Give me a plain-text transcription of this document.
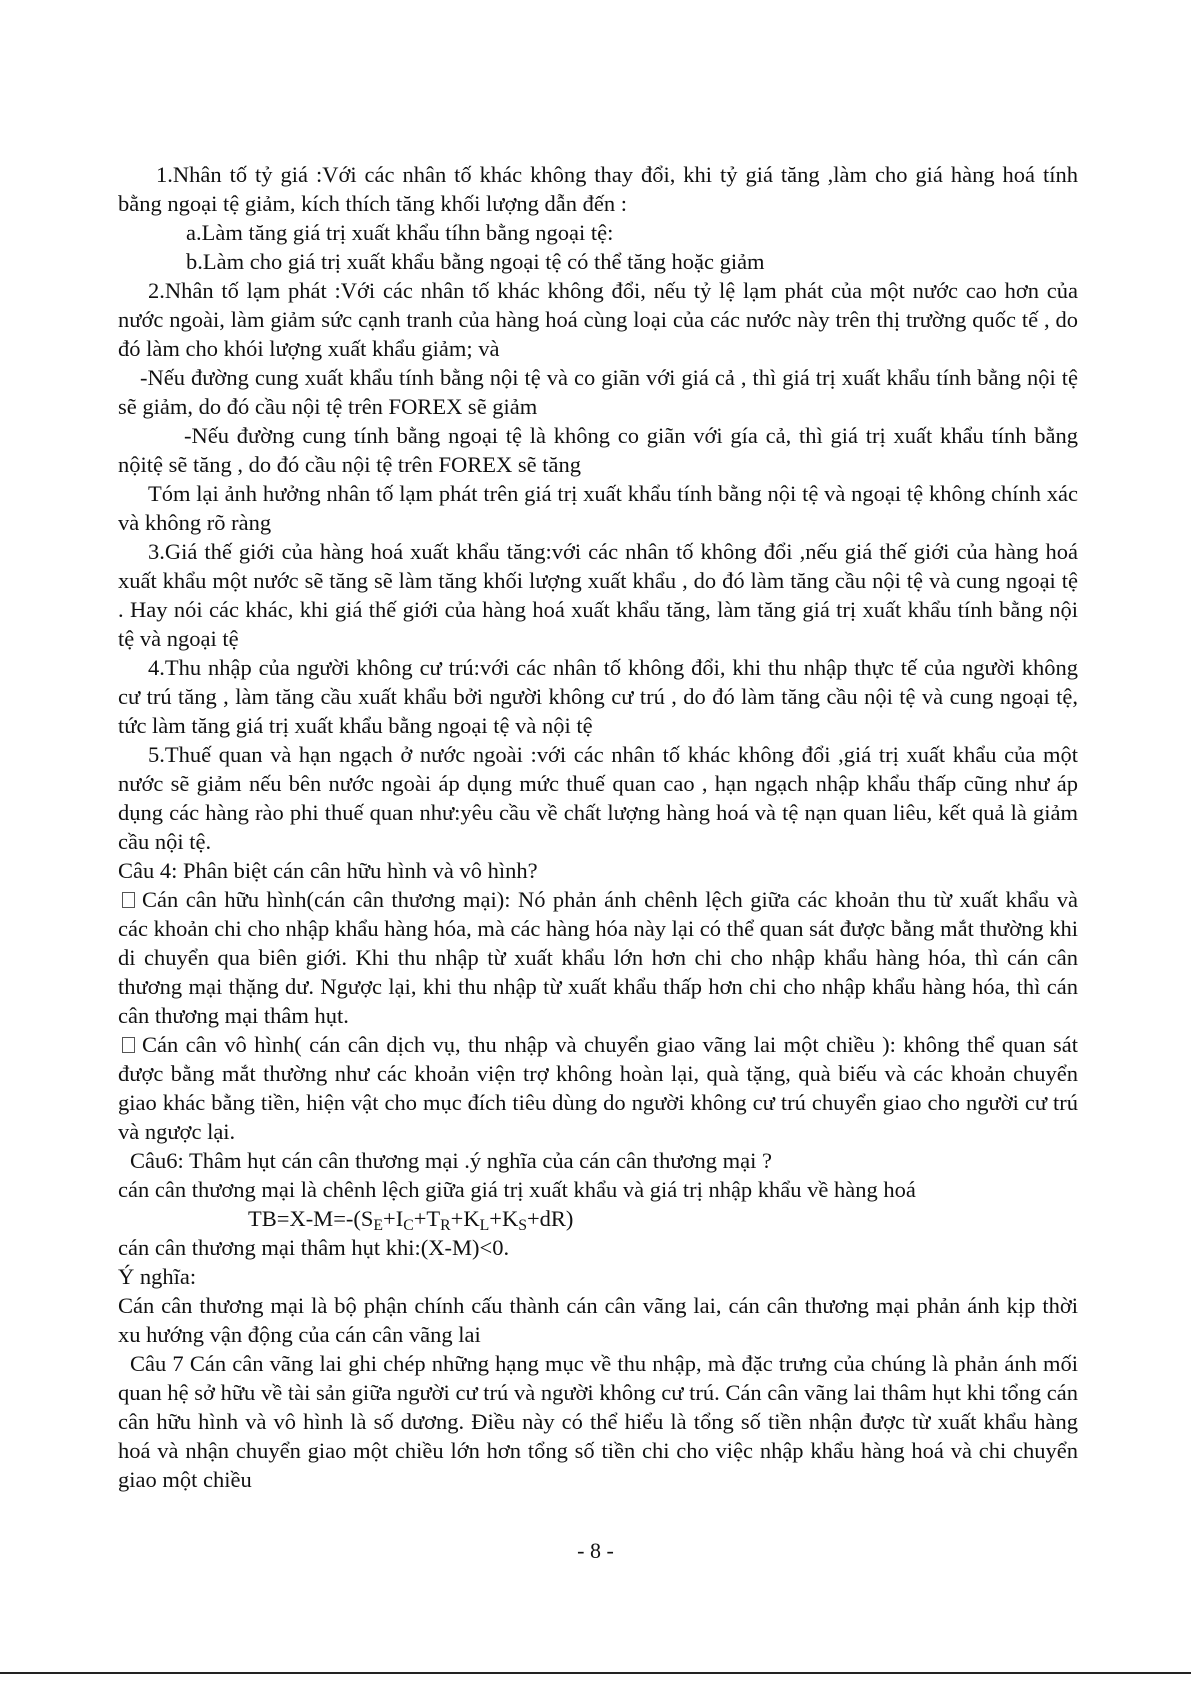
1.Nhân tố tỷ giá :Với các nhân tố khác không thay đổi, khi tỷ giá tăng ,làm cho giá hàng hoá tính bằng ngoại tệ giảm, kích thích tăng khối lượng dẫn đến :

a.Làm tăng giá trị xuất khẩu tíhn bằng ngoại tệ:

b.Làm cho giá trị xuất khẩu bằng ngoại tệ có thể tăng hoặc giảm

2.Nhân tố lạm phát :Với các nhân tố khác không đổi, nếu tỷ lệ lạm phát của một nước cao hơn của nước ngoài, làm giảm sức cạnh tranh của hàng hoá cùng loại của các nước này trên thị trường quốc tế , do đó làm cho khói lượng xuất khẩu giảm; và

-Nếu đường cung xuất khẩu tính bằng nội tệ và co giãn với giá cả , thì giá trị xuất khẩu tính bằng nội tệ sẽ giảm, do đó cầu nội tệ trên FOREX sẽ giảm

-Nếu đường cung tính bằng ngoại tệ là không co giãn với gía cả, thì giá trị xuất khẩu tính bằng nộitệ sẽ tăng , do đó cầu nội tệ trên FOREX sẽ tăng

Tóm lại ảnh hưởng nhân tố lạm phát trên giá trị xuất khẩu tính bằng nội tệ và ngoại tệ không chính xác và không rõ ràng

3.Giá thế giới của hàng hoá xuất khẩu tăng:với các nhân tố không đổi ,nếu giá thế giới của hàng hoá xuất khẩu một nước sẽ tăng sẽ làm tăng khối lượng xuất khẩu , do đó làm tăng cầu nội tệ và cung ngoại tệ . Hay nói các khác, khi giá thế giới của hàng hoá xuất khẩu tăng, làm tăng giá trị xuất khẩu tính bằng nội tệ và ngoại tệ

4.Thu nhập của người không cư trú:với các nhân tố không đổi, khi thu nhập thực tế của người không cư trú tăng , làm tăng cầu xuất khẩu bởi người không cư trú , do đó làm tăng cầu nội tệ và cung ngoại tệ, tức làm tăng giá trị xuất khẩu bằng ngoại tệ và nội tệ

5.Thuế quan và hạn ngạch ở nước ngoài :với các nhân tố khác không đổi ,giá trị xuất khẩu của một nước sẽ giảm nếu bên nước ngoài áp dụng mức thuế quan cao , hạn ngạch nhập khẩu thấp cũng như áp dụng các hàng rào phi thuế quan như:yêu cầu về chất lượng hàng hoá và tệ nạn quan liêu, kết quả là giảm cầu nội tệ.

Câu 4: Phân biệt cán cân hữu hình và vô hình?

Cán cân hữu hình(cán cân thương mại): Nó phản ánh chênh lệch giữa các khoản thu từ xuất khẩu và các khoản chi cho nhập khẩu hàng hóa, mà các hàng hóa này lại có thể quan sát được bằng mắt thường khi di chuyển qua biên giới. Khi thu nhập từ xuất khẩu lớn hơn chi cho nhập khẩu hàng hóa, thì cán cân thương mại thặng dư. Ngược lại, khi thu nhập từ xuất khẩu thấp hơn chi cho nhập khẩu hàng hóa, thì cán cân thương mại thâm hụt.

Cán cân vô hình( cán cân dịch vụ, thu nhập và chuyển giao vãng lai một chiều ): không thể quan sát được bằng mắt thường như các khoản viện trợ không hoàn lại, quà tặng, quà biếu và các khoản chuyển giao khác bằng tiền, hiện vật cho mục đích tiêu dùng do người không cư trú chuyển giao cho người cư trú và ngược lại.

Câu6: Thâm hụt cán cân thương mại .ý nghĩa của cán cân thương mại ?

cán cân thương mại là chênh lệch giữa giá trị xuất khẩu và giá trị nhập khẩu về hàng hoá

$TB=X-M=-(S_E+I_C+T_R+K_L+K_S+dR)$

cán cân thương mại thâm hụt khi:(X-M)<0.

Ý nghĩa:

Cán cân thương mại là bộ phận chính cấu thành cán cân vãng lai, cán cân thương mại phản ánh kịp thời xu hướng vận động của cán cân vãng lai

Câu 7 Cán cân vãng lai ghi chép những hạng mục về thu nhập, mà đặc trưng của chúng là phản ánh mối quan hệ sở hữu về tài sản giữa người cư trú và người không cư trú. Cán cân vãng lai thâm hụt khi tổng cán cân hữu hình và vô hình là số dương. Điều này có thể hiểu là tổng số tiền nhận được từ xuất khẩu hàng hoá và nhận chuyển giao một chiều lớn hơn tổng số tiền chi cho việc nhập khẩu hàng hoá và chi chuyển giao một chiều

- 8 -
